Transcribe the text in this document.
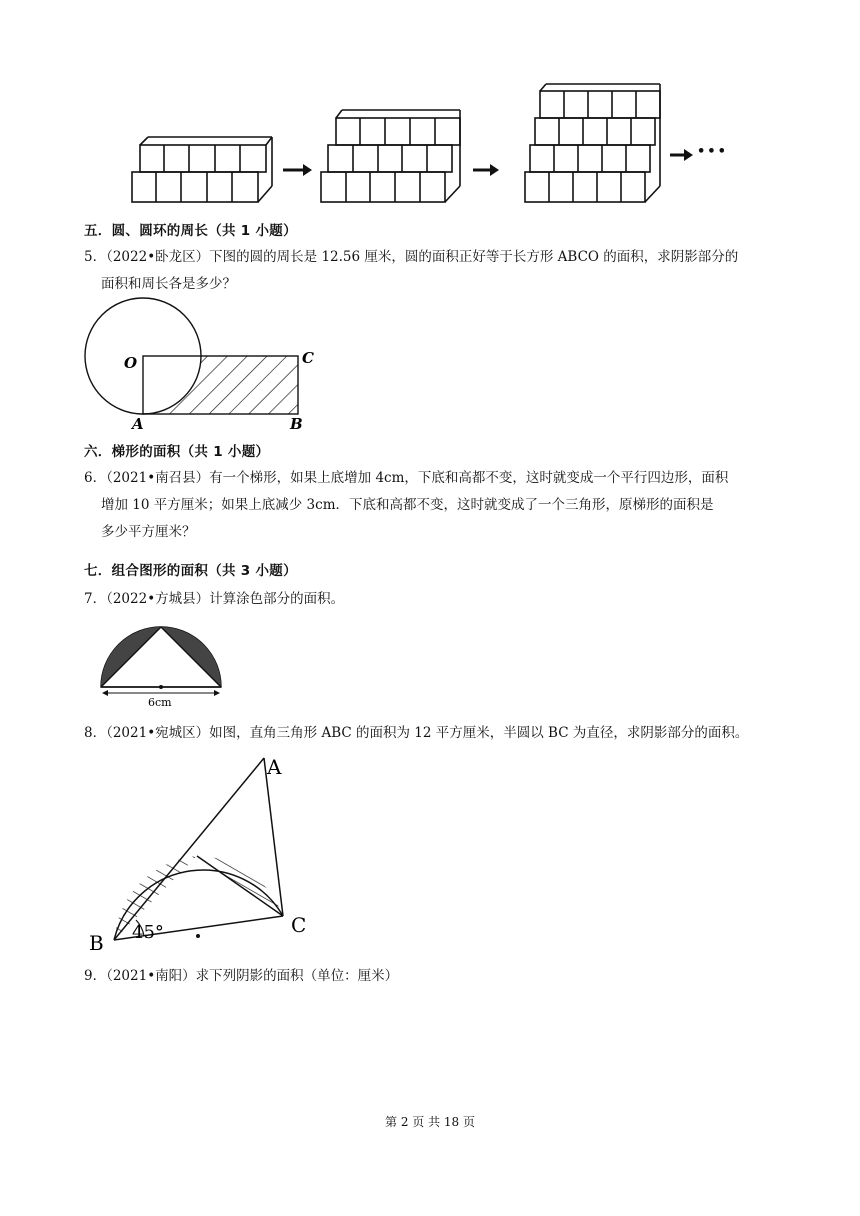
•••
五．圆、圆环的周长（共 1 小题）
5．（2022•卧龙区）下图的圆的周长是 12.56 厘米，圆的面积正好等于长方形 ABCO 的面积，求阴影部分的
面积和周长各是多少？
O	C
A	B
六．梯形的面积（共 1 小题）
6．（2021•南召县）有一个梯形，如果上底增加 4cm，下底和高都不变，这时就变成一个平行四边形，面积
增加 10 平方厘米；如果上底减少 3cm．下底和高都不变，这时就变成了一个三角形，原梯形的面积是
多少平方厘米？
七．组合图形的面积（共 3 小题）
7．（2022•方城县）计算涂色部分的面积。
6cm
8．（2021•宛城区）如图，直角三角形 ABC 的面积为 12 平方厘米，半圆以 BC 为直径，求阴影部分的面积。
A
B
C
45°
9．（2021•南阳）求下列阴影的面积（单位：厘米）
第 2 页 共 18 页
